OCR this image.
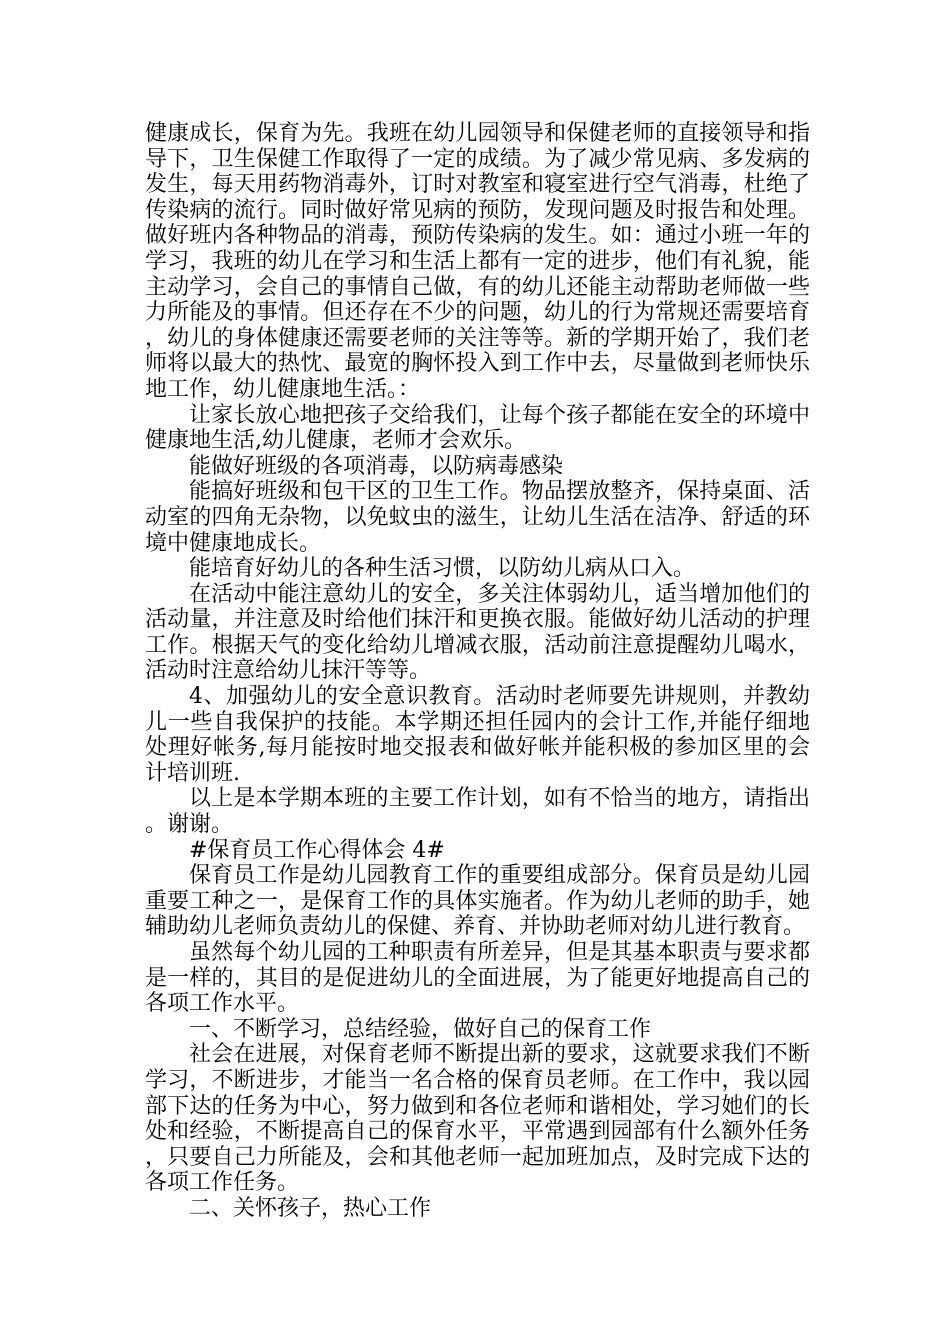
健康成长，保育为先。我班在幼儿园领导和保健老师的直接领导和指导下，卫生保健工作取得了一定的成绩。为了减少常见病、多发病的发生，每天用药物消毒外，订时对教室和寝室进行空气消毒，杜绝了传染病的流行。同时做好常见病的预防，发现问题及时报告和处理。做好班内各种物品的消毒，预防传染病的发生。如：通过小班一年的学习，我班的幼儿在学习和生活上都有一定的进步，他们有礼貌，能主动学习，会自己的事情自己做，有的幼儿还能主动帮助老师做一些力所能及的事情。但还存在不少的问题，幼儿的行为常规还需要培育，幼儿的身体健康还需要老师的关注等等。新的学期开始了，我们老师将以最大的热忱、最宽的胸怀投入到工作中去，尽量做到老师快乐地工作，幼儿健康地生活。：

让家长放心地把孩子交给我们，让每个孩子都能在安全的环境中健康地生活,幼儿健康，老师才会欢乐。

能做好班级的各项消毒，以防病毒感染

能搞好班级和包干区的卫生工作。物品摆放整齐，保持桌面、活动室的四角无杂物，以免蚊虫的滋生，让幼儿生活在洁净、舒适的环境中健康地成长。

能培育好幼儿的各种生活习惯，以防幼儿病从口入。

在活动中能注意幼儿的安全，多关注体弱幼儿，适当增加他们的活动量，并注意及时给他们抹汗和更换衣服。能做好幼儿活动的护理工作。根据天气的变化给幼儿增减衣服，活动前注意提醒幼儿喝水，活动时注意给幼儿抹汗等等。

4、加强幼儿的安全意识教育。活动时老师要先讲规则，并教幼儿一些自我保护的技能。本学期还担任园内的会计工作,并能仔细地处理好帐务,每月能按时地交报表和做好帐并能积极的参加区里的会计培训班.

以上是本学期本班的主要工作计划，如有不恰当的地方，请指出。谢谢。

#保育员工作心得体会 4#

保育员工作是幼儿园教育工作的重要组成部分。保育员是幼儿园重要工种之一，是保育工作的具体实施者。作为幼儿老师的助手，她辅助幼儿老师负责幼儿的保健、养育、并协助老师对幼儿进行教育。

虽然每个幼儿园的工种职责有所差异，但是其基本职责与要求都是一样的，其目的是促进幼儿的全面进展，为了能更好地提高自己的各项工作水平。

一、不断学习，总结经验，做好自己的保育工作

社会在进展，对保育老师不断提出新的要求，这就要求我们不断学习，不断进步，才能当一名合格的保育员老师。在工作中，我以园部下达的任务为中心，努力做到和各位老师和谐相处，学习她们的长处和经验，不断提高自己的保育水平，平常遇到园部有什么额外任务，只要自己力所能及，会和其他老师一起加班加点，及时完成下达的各项工作任务。

二、关怀孩子，热心工作
